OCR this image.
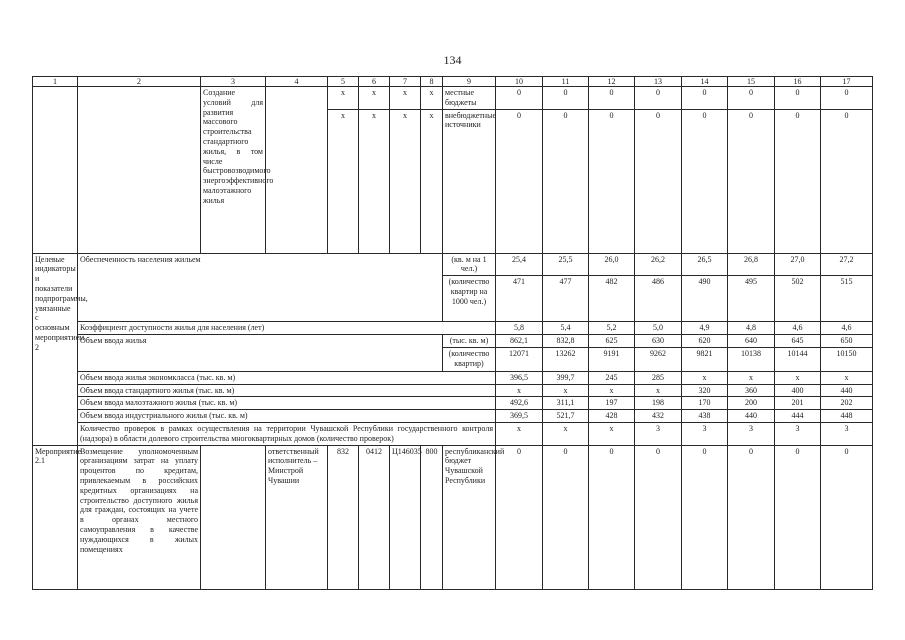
134
1	2	3	4	5	6	7	8	9	10	11	12	13	14	15	16	17
		Создание условий для развития массового строительства стандартного жилья, в том числе быстровозводимого энергоэффективного малоэтажного жилья		x	x	x	x	местные бюджеты	0	0	0	0	0	0	0	0
				x	x	x	x	внебюджетные источники	0	0	0	0	0	0	0	0
Целевые индикаторы и показатели подпрограммы, увязанные с основным мероприятием 2	Обеспеченность населения жильем							(кв. м на 1 чел.)	25,4	25,5	26,0	26,2	26,5	26,8	27,0	27,2
								(количество квартир на 1000 чел.)	471	477	482	486	490	495	502	515
	Коэффициент доступности жилья для населения (лет)								5,8	5,4	5,2	5,0	4,9	4,8	4,6	4,6
	Объем ввода жилья							(тыс. кв. м)	862,1	832,8	625	630	620	640	645	650
								(количество квартир)	12071	13262	9191	9262	9821	10138	10144	10150
	Объем ввода жилья экономкласса (тыс. кв. м)								396,5	399,7	245	285	x	x	x	x
	Объем ввода стандартного жилья (тыс. кв. м)								x	x	x	x	320	360	400	440
	Объем ввода малоэтажного жилья (тыс. кв. м)								492,6	311,1	197	198	170	200	201	202
	Объем ввода индустриального жилья (тыс. кв. м)								369,5	521,7	428	432	438	440	444	448
	Количество проверок в рамках осуществления на территории Чувашской Республики государственного контроля (надзора) в области долевого строительства многоквартирных домов (количество проверок)								x	x	x	3	3	3	3	3
Мероприятие 2.1	Возмещение уполномоченным организациям затрат на уплату процентов по кредитам, привлекаемым в российских кредитных организациях на строительство доступного жилья для граждан, состоящих на учете в органах местного самоуправления в качестве нуждающихся в жилых помещениях		ответственный исполнитель – Минстрой Чувашии	832	0412	Ц146035	800	республиканский бюджет Чувашской Республики	0	0	0	0	0	0	0	0
